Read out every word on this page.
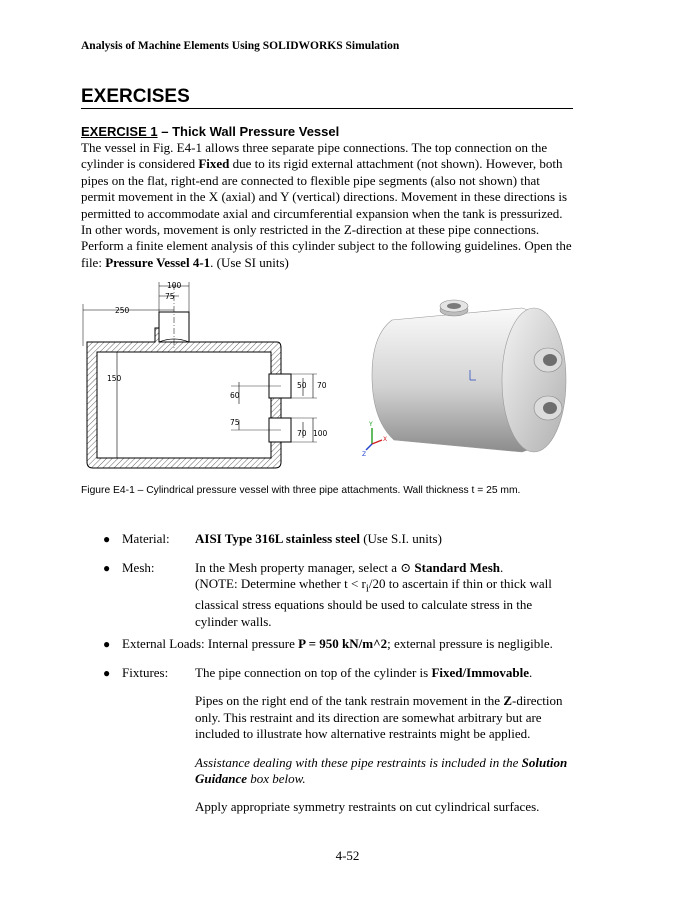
Analysis of Machine Elements Using SOLIDWORKS Simulation
EXERCISES
EXERCISE 1 – Thick Wall Pressure Vessel

The vessel in Fig. E4-1 allows three separate pipe connections. The top connection on the cylinder is considered Fixed due to its rigid external attachment (not shown). However, both pipes on the flat, right-end are connected to flexible pipe segments (also not shown) that permit movement in the X (axial) and Y (vertical) directions. Movement in these directions is permitted to accommodate axial and circumferential expansion when the tank is pressurized. In other words, movement is only restricted in the Z-direction at these pipe connections. Perform a finite element analysis of this cylinder subject to the following guidelines. Open the file: Pressure Vessel 4-1. (Use SI units)

100
75
250
150
50 70
60
75
70 100
Y
X
Z
Figure E4-1 – Cylindrical pressure vessel with three pipe attachments. Wall thickness t = 25 mm.
● Material: AISI Type 316L stainless steel (Use S.I. units)
● Mesh:	In the Mesh property manager, select a ⊙ Standard Mesh.

(NOTE: Determine whether $t < r_i/20$ to ascertain if thin or thick wall classical stress equations should be used to calculate stress in the cylinder walls.

● External Loads: Internal pressure P = 950 kN/m^2; external pressure is negligible.
● Fixtures: The pipe connection on top of the cylinder is Fixed/Immovable.

Pipes on the right end of the tank restrain movement in the Z-direction only. This restraint and its direction are somewhat arbitrary but are included to illustrate how alternative restraints might be applied.

Assistance dealing with these pipe restraints is included in the Solution Guidance box below.

Apply appropriate symmetry restraints on cut cylindrical surfaces.

4-52
